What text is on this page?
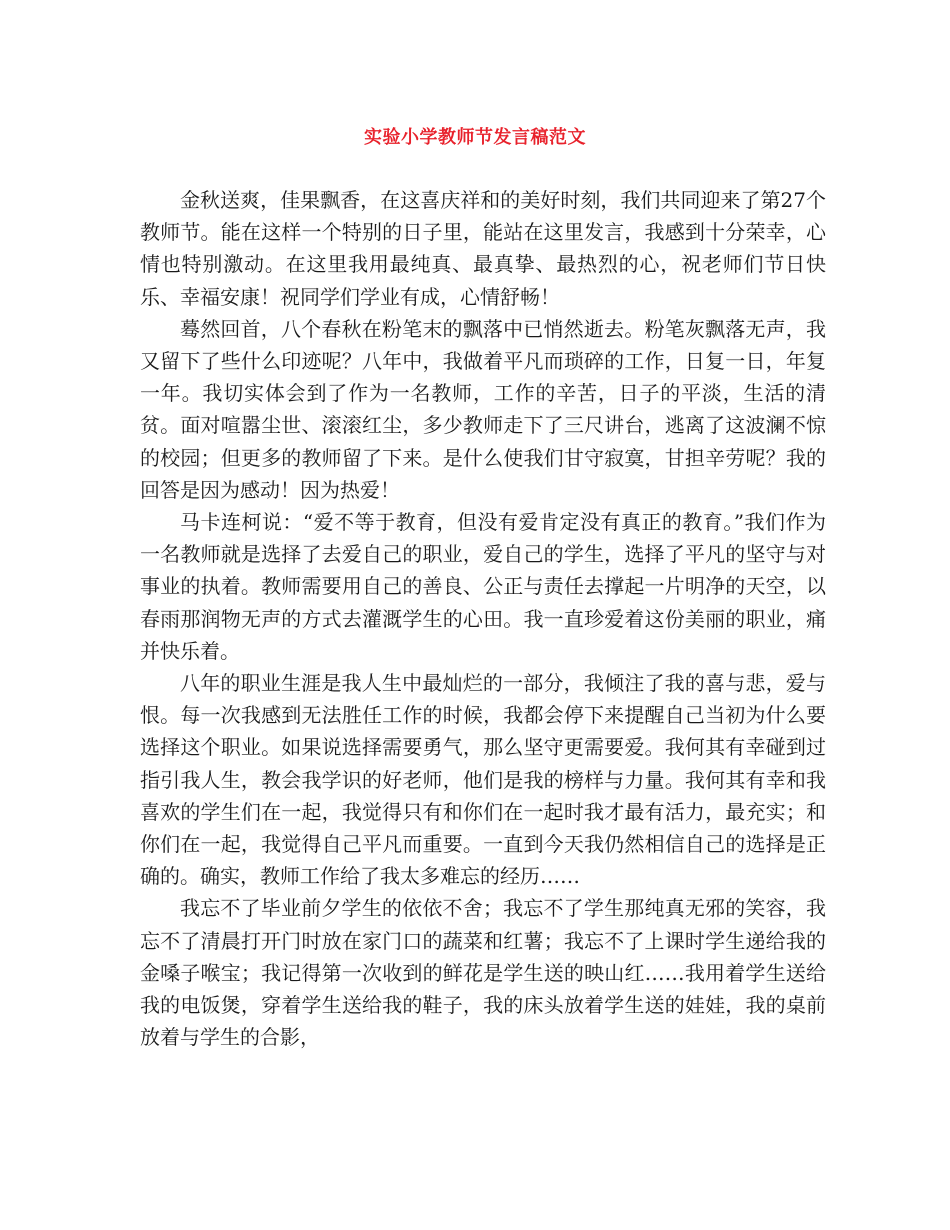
实验小学教师节发言稿范文

金秋送爽，佳果飘香，在这喜庆祥和的美好时刻，我们共同迎来了第27个教师节。能在这样一个特别的日子里，能站在这里发言，我感到十分荣幸，心情也特别激动。在这里我用最纯真、最真挚、最热烈的心，祝老师们节日快乐、幸福安康！祝同学们学业有成，心情舒畅！

蓦然回首，八个春秋在粉笔末的飘落中已悄然逝去。粉笔灰飘落无声，我又留下了些什么印迹呢？八年中，我做着平凡而琐碎的工作，日复一日，年复一年。我切实体会到了作为一名教师，工作的辛苦，日子的平淡，生活的清贫。面对喧嚣尘世、滚滚红尘，多少教师走下了三尺讲台，逃离了这波澜不惊的校园；但更多的教师留了下来。是什么使我们甘守寂寞，甘担辛劳呢？我的回答是因为感动！因为热爱！

马卡连柯说：“爱不等于教育，但没有爱肯定没有真正的教育。”我们作为一名教师就是选择了去爱自己的职业，爱自己的学生，选择了平凡的坚守与对事业的执着。教师需要用自己的善良、公正与责任去撑起一片明净的天空，以春雨那润物无声的方式去灌溉学生的心田。我一直珍爱着这份美丽的职业，痛并快乐着。

八年的职业生涯是我人生中最灿烂的一部分，我倾注了我的喜与悲，爱与恨。每一次我感到无法胜任工作的时候，我都会停下来提醒自己当初为什么要选择这个职业。如果说选择需要勇气，那么坚守更需要爱。我何其有幸碰到过指引我人生，教会我学识的好老师，他们是我的榜样与力量。我何其有幸和我喜欢的学生们在一起，我觉得只有和你们在一起时我才最有活力，最充实；和你们在一起，我觉得自己平凡而重要。一直到今天我仍然相信自己的选择是正确的。确实，教师工作给了我太多难忘的经历……

我忘不了毕业前夕学生的依依不舍；我忘不了学生那纯真无邪的笑容，我忘不了清晨打开门时放在家门口的蔬菜和红薯；我忘不了上课时学生递给我的金嗓子喉宝；我记得第一次收到的鲜花是学生送的映山红……我用着学生送给我的电饭煲，穿着学生送给我的鞋子，我的床头放着学生送的娃娃，我的桌前放着与学生的合影，
